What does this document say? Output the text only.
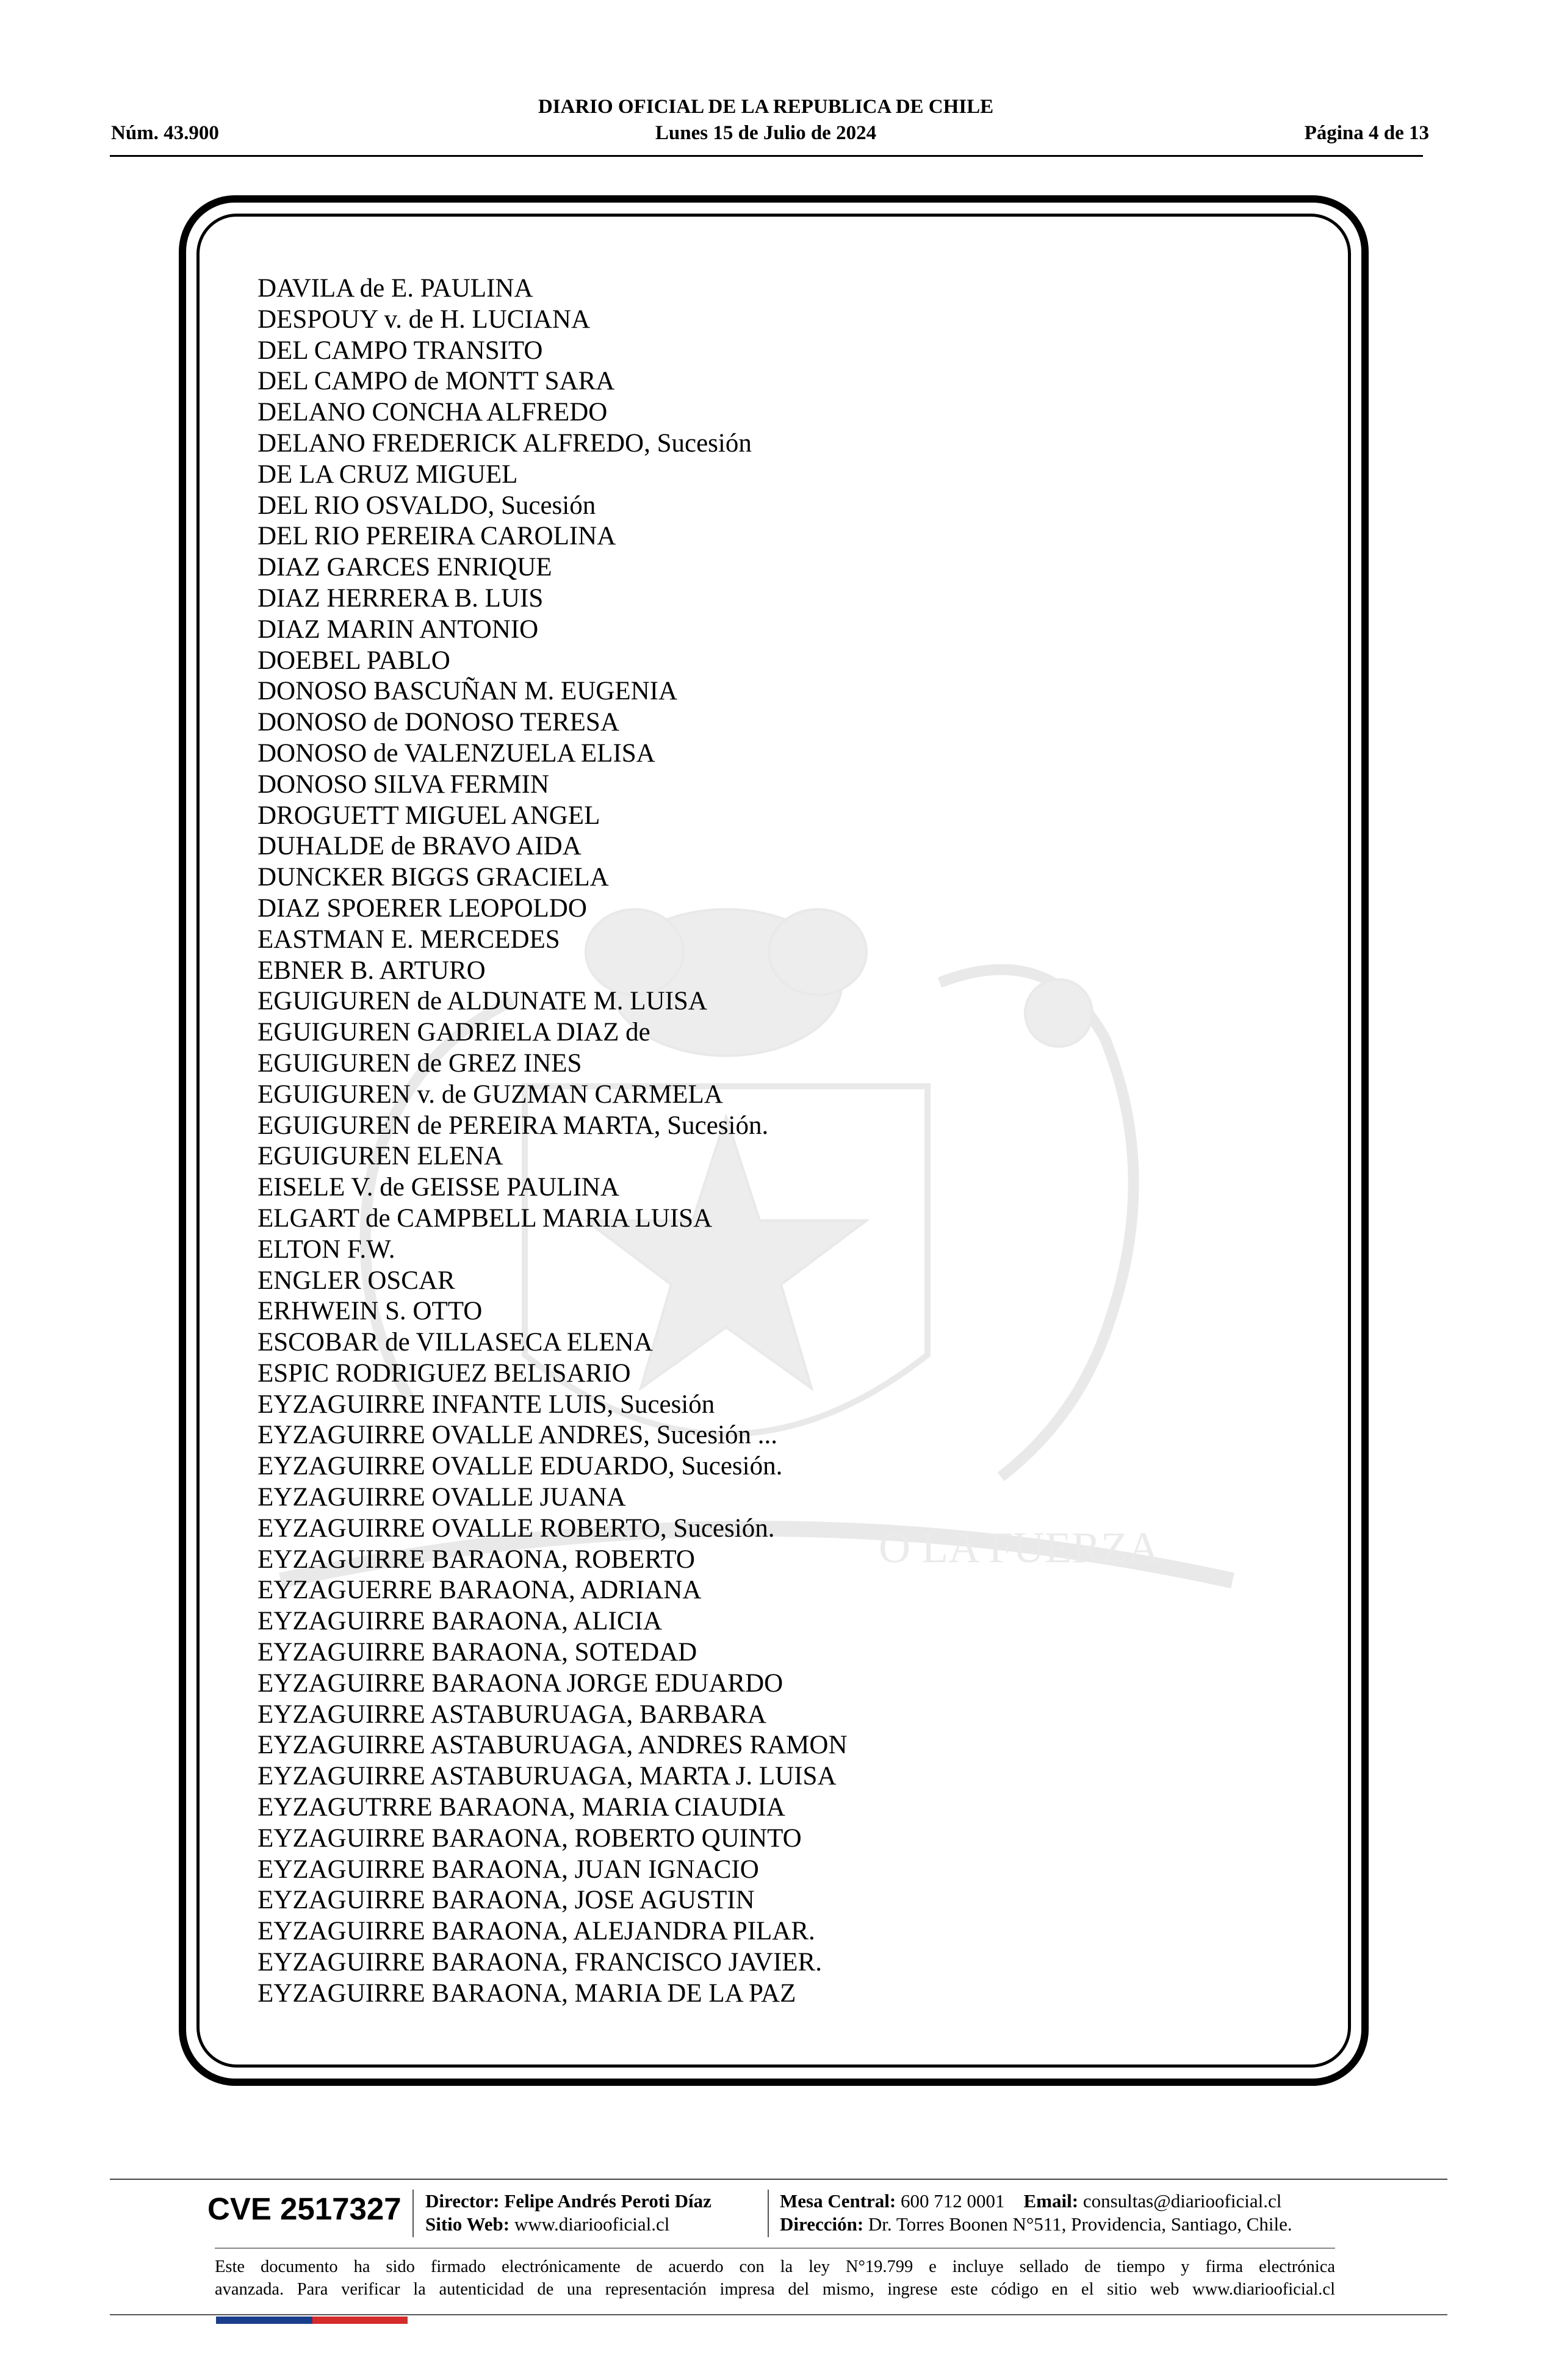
DIARIO OFICIAL DE LA REPUBLICA DE CHILE
Núm. 43.900	Lunes 15 de Julio de 2024	Página 4 de 13
O LA FUERZA
DAVILA de E. PAULINA
DESPOUY v. de H. LUCIANA
DEL CAMPO TRANSITO
DEL CAMPO de MONTT SARA
DELANO CONCHA ALFREDO
DELANO FREDERICK ALFREDO, Sucesión
DE LA CRUZ MIGUEL
DEL RIO OSVALDO, Sucesión
DEL RIO PEREIRA CAROLINA
DIAZ GARCES ENRIQUE
DIAZ HERRERA B. LUIS
DIAZ MARIN ANTONIO
DOEBEL PABLO
DONOSO BASCUÑAN M. EUGENIA
DONOSO de DONOSO TERESA
DONOSO de VALENZUELA ELISA
DONOSO SILVA FERMIN
DROGUETT MIGUEL ANGEL
DUHALDE de BRAVO AIDA
DUNCKER BIGGS GRACIELA
DIAZ SPOERER LEOPOLDO
EASTMAN E. MERCEDES
EBNER B. ARTURO
EGUIGUREN de ALDUNATE M. LUISA
EGUIGUREN GADRIELA DIAZ de
EGUIGUREN de GREZ INES
EGUIGUREN v. de GUZMAN CARMELA
EGUIGUREN de PEREIRA MARTA, Sucesión.
EGUIGUREN ELENA
EISELE V. de GEISSE PAULINA
ELGART de CAMPBELL MARIA LUISA
ELTON F.W.
ENGLER OSCAR
ERHWEIN S. OTTO
ESCOBAR de VILLASECA ELENA
ESPIC RODRIGUEZ BELISARIO
EYZAGUIRRE INFANTE LUIS, Sucesión
EYZAGUIRRE OVALLE ANDRES, Sucesión ...
EYZAGUIRRE OVALLE EDUARDO, Sucesión.
EYZAGUIRRE OVALLE JUANA
EYZAGUIRRE OVALLE ROBERTO, Sucesión.
EYZAGUIRRE BARAONA, ROBERTO
EYZAGUERRE BARAONA, ADRIANA
EYZAGUIRRE BARAONA, ALICIA
EYZAGUIRRE BARAONA, SOTEDAD
EYZAGUIRRE BARAONA JORGE EDUARDO
EYZAGUIRRE ASTABURUAGA, BARBARA
EYZAGUIRRE ASTABURUAGA, ANDRES RAMON
EYZAGUIRRE ASTABURUAGA, MARTA J. LUISA
EYZAGUTRRE BARAONA, MARIA CIAUDIA
EYZAGUIRRE BARAONA, ROBERTO QUINTO
EYZAGUIRRE BARAONA, JUAN IGNACIO
EYZAGUIRRE BARAONA, JOSE AGUSTIN
EYZAGUIRRE BARAONA, ALEJANDRA PILAR.
EYZAGUIRRE BARAONA, FRANCISCO JAVIER.
EYZAGUIRRE BARAONA, MARIA DE LA PAZ
CVE 2517327 Director: Felipe Andrés Peroti Díaz
Sitio Web: www.diariooficial.cl
Mesa Central: 600 712 0001 Email: consultas@diariooficial.cl
Dirección: Dr. Torres Boonen N°511, Providencia, Santiago, Chile.
Este documento ha sido firmado electrónicamente de acuerdo con la ley N°19.799 e incluye sellado de tiempo y firma electrónica
avanzada. Para verificar la autenticidad de una representación impresa del mismo, ingrese este código en el sitio web www.diariooficial.cl
